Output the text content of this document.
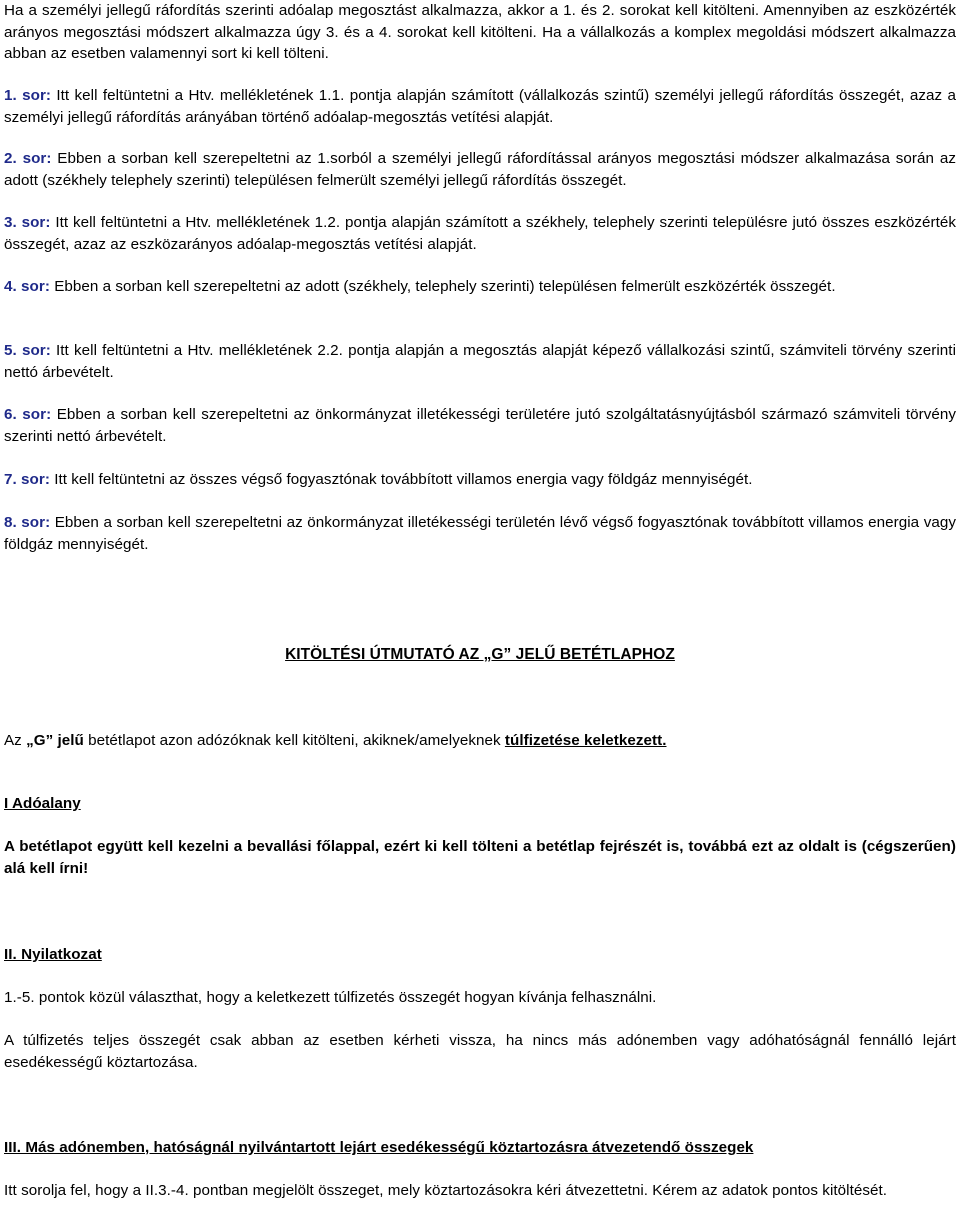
Ha a személyi jellegű ráfordítás szerinti adóalap megosztást alkalmazza, akkor a 1. és 2. sorokat kell kitölteni. Amennyiben az eszközérték arányos megosztási módszert alkalmazza úgy 3. és a 4. sorokat kell kitölteni. Ha a vállalkozás a komplex megoldási módszert alkalmazza abban az esetben valamennyi sort ki kell tölteni.

1. sor: Itt kell feltüntetni a Htv. mellékletének 1.1. pontja alapján számított (vállalkozás szintű) személyi jellegű ráfordítás összegét, azaz a személyi jellegű ráfordítás arányában történő adóalap-megosztás vetítési alapját.

2. sor: Ebben a sorban kell szerepeltetni az 1.sorból a személyi jellegű ráfordítással arányos megosztási módszer alkalmazása során az adott (székhely telephely szerinti) településen felmerült személyi jellegű ráfordítás összegét.

3. sor: Itt kell feltüntetni a Htv. mellékletének 1.2. pontja alapján számított a székhely, telephely szerinti településre jutó összes eszközérték összegét, azaz az eszközarányos adóalap-megosztás vetítési alapját.

4. sor: Ebben a sorban kell szerepeltetni az adott (székhely, telephely szerinti) településen felmerült eszközérték összegét.

5. sor: Itt kell feltüntetni a Htv. mellékletének 2.2. pontja alapján a megosztás alapját képező vállalkozási szintű, számviteli törvény szerinti nettó árbevételt.

6. sor: Ebben a sorban kell szerepeltetni az önkormányzat illetékességi területére jutó szolgáltatásnyújtásból származó számviteli törvény szerinti nettó árbevételt.

7. sor: Itt kell feltüntetni az összes végső fogyasztónak továbbított villamos energia vagy földgáz mennyiségét.

8. sor: Ebben a sorban kell szerepeltetni az önkormányzat illetékességi területén lévő végső fogyasztónak továbbított villamos energia vagy földgáz mennyiségét.

KITÖLTÉSI ÚTMUTATÓ AZ „G” JELŰ BETÉTLAPHOZ

Az „G” jelű betétlapot azon adózóknak kell kitölteni, akiknek/amelyeknek túlfizetése keletkezett.

I Adóalany

A betétlapot együtt kell kezelni a bevallási főlappal, ezért ki kell tölteni a betétlap fejrészét is, továbbá ezt az oldalt is (cégszerűen) alá kell írni!

II. Nyilatkozat

1.-5. pontok közül választhat, hogy a keletkezett túlfizetés összegét hogyan kívánja felhasználni.

A túlfizetés teljes összegét csak abban az esetben kérheti vissza, ha nincs más adónemben vagy adóhatóságnál fennálló lejárt esedékességű köztartozása.

III. Más adónemben, hatóságnál nyilvántartott lejárt esedékességű köztartozásra átvezetendő összegek

Itt sorolja fel, hogy a II.3.-4. pontban megjelölt összeget, mely köztartozásokra kéri átvezettetni. Kérem az adatok pontos kitöltését.
